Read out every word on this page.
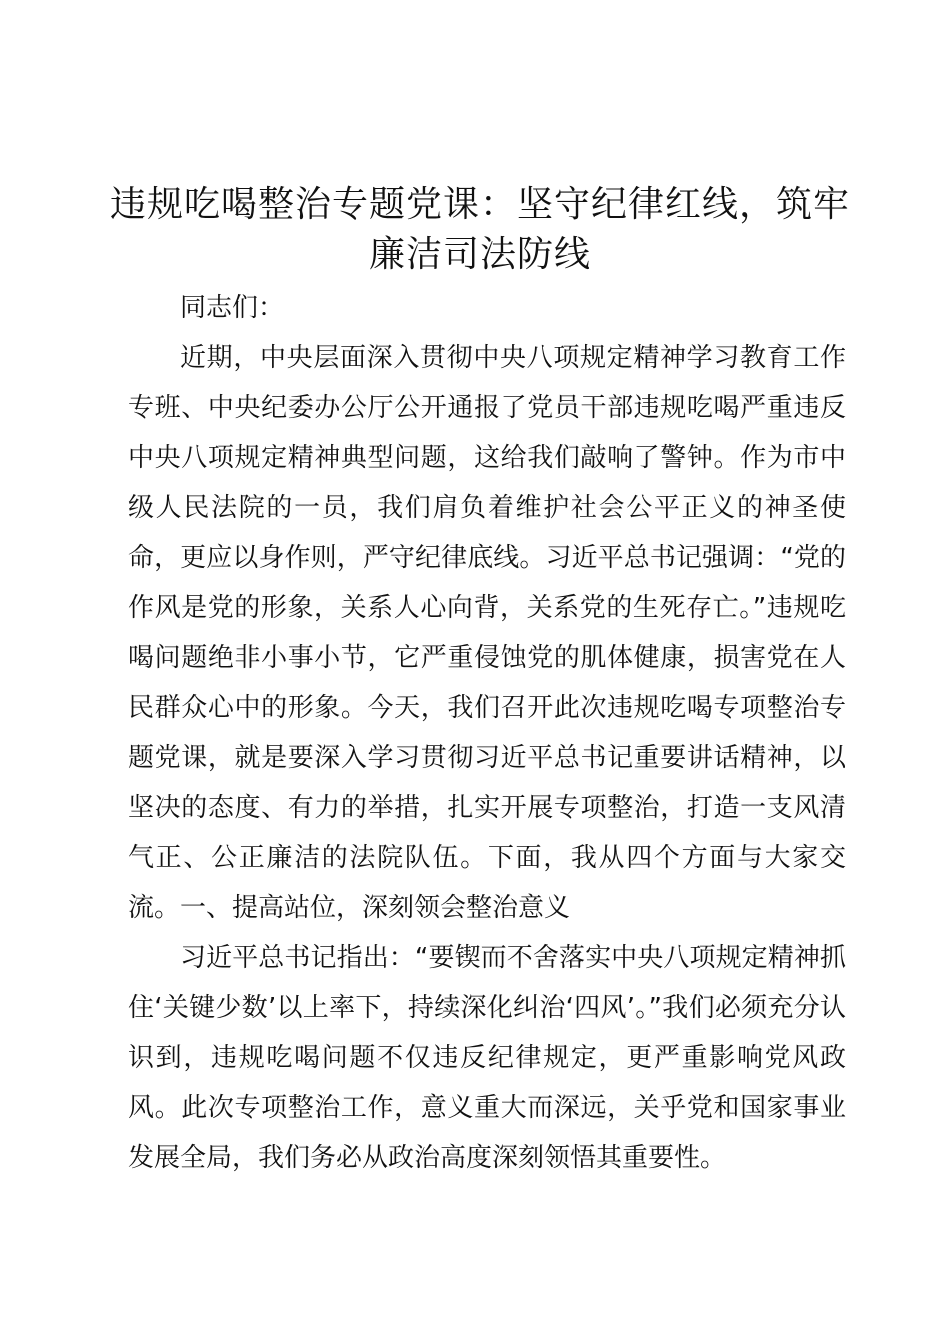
违规吃喝整治专题党课：坚守纪律红线，筑牢廉洁司法防线

同志们：

近期，中央层面深入贯彻中央八项规定精神学习教育工作专班、中央纪委办公厅公开通报了党员干部违规吃喝严重违反中央八项规定精神典型问题，这给我们敲响了警钟。作为市中级人民法院的一员，我们肩负着维护社会公平正义的神圣使命，更应以身作则，严守纪律底线。习近平总书记强调：“党的作风是党的形象，关系人心向背，关系党的生死存亡。”违规吃喝问题绝非小事小节，它严重侵蚀党的肌体健康，损害党在人民群众心中的形象。今天，我们召开此次违规吃喝专项整治专题党课，就是要深入学习贯彻习近平总书记重要讲话精神，以坚决的态度、有力的举措，扎实开展专项整治，打造一支风清气正、公正廉洁的法院队伍。下面，我从四个方面与大家交流。 一、提高站位，深刻领会整治意义

习近平总书记指出：“要锲而不舍落实中央八项规定精神抓住‘关键少数’以上率下，持续深化纠治‘四风’。”我们必须充分认识到，违规吃喝问题不仅违反纪律规定，更严重影响党风政风。此次专项整治工作，意义重大而深远，关乎党和国家事业发展全局，我们务必从政治高度深刻领悟其重要性。
